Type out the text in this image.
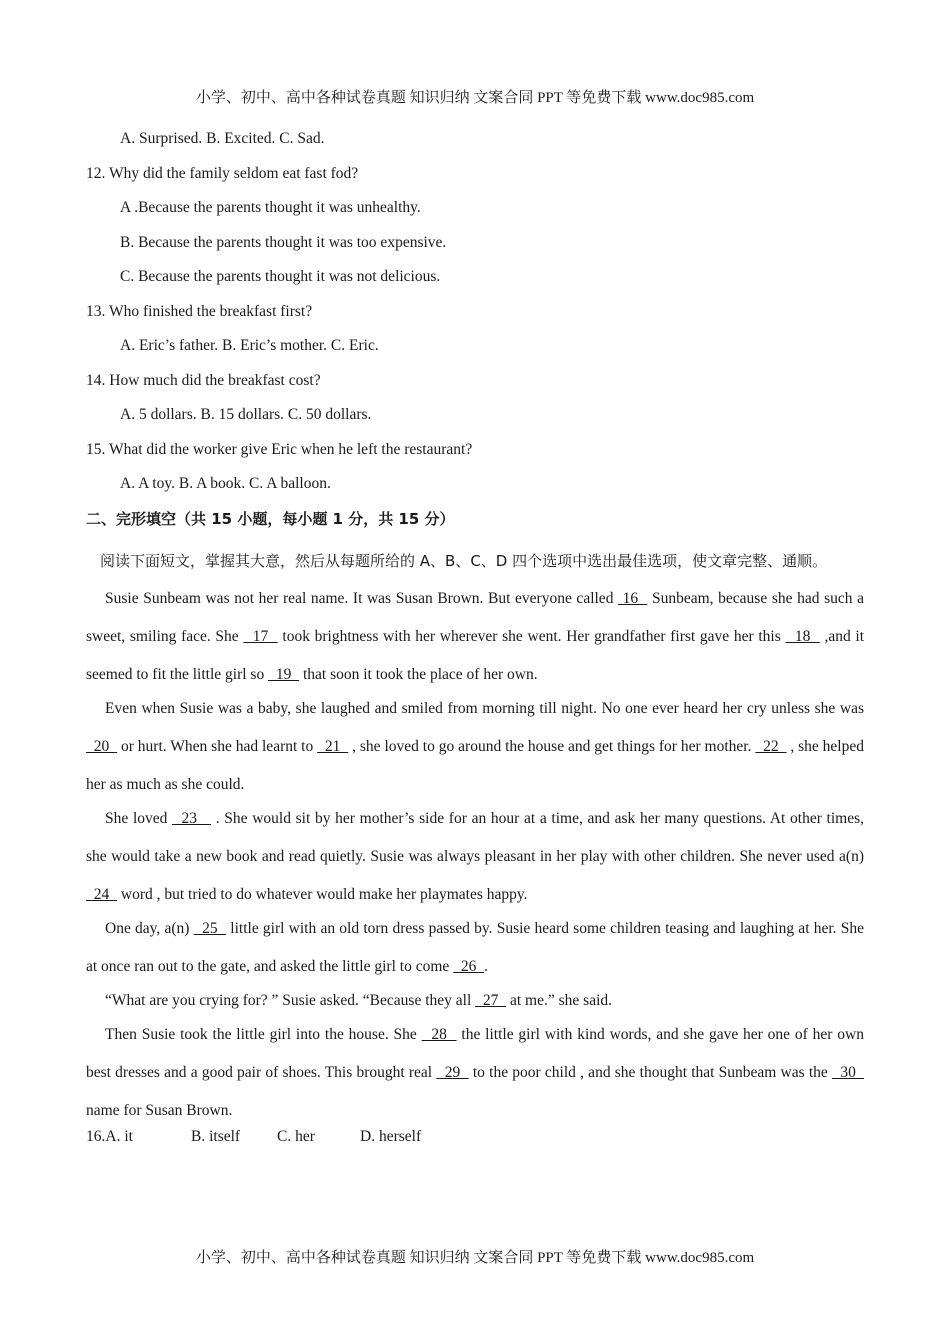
小学、初中、高中各种试卷真题 知识归纳 文案合同 PPT 等免费下载 www.doc985.com
A. Surprised. B. Excited. C. Sad.
12. Why did the family seldom eat fast fod?
A .Because the parents thought it was unhealthy.
B. Because the parents thought it was too expensive.
C. Because the parents thought it was not delicious.
13. Who finished the breakfast first?
A. Eric’s father. B. Eric’s mother. C. Eric.
14. How much did the breakfast cost?
A. 5 dollars. B. 15 dollars. C. 50 dollars.
15. What did the worker give Eric when he left the restaurant?
A. A toy. B. A book. C. A balloon.
二、完形填空（共 15 小题，每小题 1 分，共 15 分）
阅读下面短文，掌握其大意，然后从每题所给的 A、B、C、D 四个选项中选出最佳选项，使文章完整、通顺。
Susie Sunbeam was not her real name. It was Susan Brown. But everyone called  16   Sunbeam, because she had such a sweet, smiling face. She   17   took brightness with her wherever she went. Her grandfather first gave her this   18   ,and it seemed to fit the little girl so   19   that soon it took the place of her own.
Even when Susie was a baby, she laughed and smiled from morning till night. No one ever heard her cry unless she was   20   or hurt. When she had learnt to   21   , she loved to go around the house and get things for her mother.   22   , she helped her as much as she could.
She loved   23    . She would sit by her mother’s side for an hour at a time, and ask her many questions. At other times, she would take a new book and read quietly. Susie was always pleasant in her play with other children. She never used a(n)   24   word , but tried to do whatever would make her playmates happy.
One day, a(n)   25   little girl with an old torn dress passed by. Susie heard some children teasing and laughing at her. She at once ran out to the gate, and asked the little girl to come   26  .
“What are you crying for? ” Susie asked. “Because they all   27   at me.” she said.
Then Susie took the little girl into the house. She   28   the little girl with kind words, and she gave her one of her own best dresses and a good pair of shoes. This brought real   29   to the poor child , and she thought that Sunbeam was the   30   name for Susan Brown.
16.A. it	B. itself C. her	D. herself
小学、初中、高中各种试卷真题 知识归纳 文案合同 PPT 等免费下载 www.doc985.com
